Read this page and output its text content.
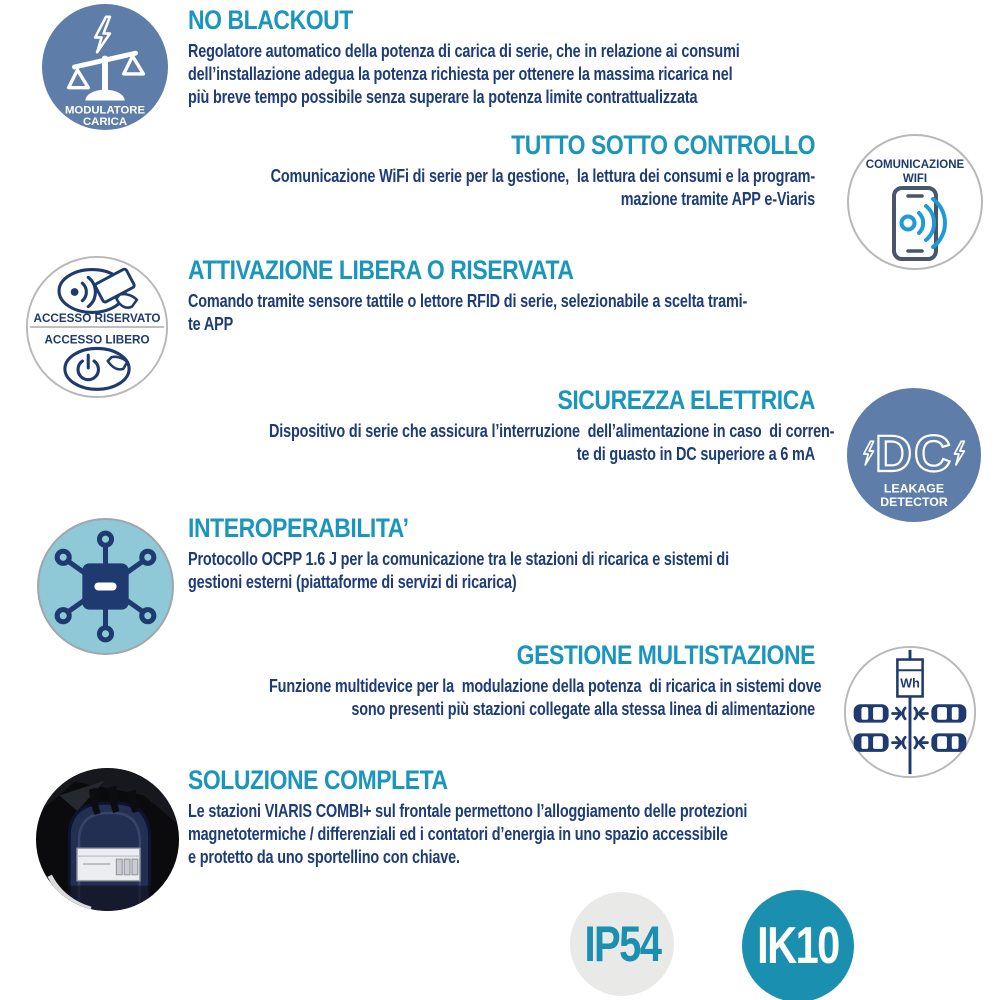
MODULATORE
CARICA
NO BLACKOUT
Regolatore automatico della potenza di carica di serie, che in relazione ai consumi
dell’installazione adegua la potenza richiesta per ottenere la massima ricarica nel
più breve tempo possibile senza superare la potenza limite contrattualizzata
TUTTO SOTTO CONTROLLO
Comunicazione WiFi di serie per la gestione,  la lettura dei consumi e la program-
mazione tramite APP e-Viaris
COMUNICAZIONE
WIFI
ACCESSO RISERVATO
ACCESSO LIBERO
ATTIVAZIONE LIBERA O RISERVATA
Comando tramite sensore tattile o lettore RFID di serie, selezionabile a scelta trami-
te APP
SICUREZZA ELETTRICA
Dispositivo di serie che assicura l’interruzione  dell’alimentazione in caso  di corren-
te di guasto in DC superiore a 6 mA DC
LEAKAGE
DETECTOR
INTEROPERABILITA’
Protocollo OCPP 1.6 J per la comunicazione tra le stazioni di ricarica e sistemi di
gestioni esterni (piattaforme di servizi di ricarica)
GESTIONE MULTISTAZIONE
Funzione multidevice per la  modulazione della potenza  di ricarica in sistemi dove
sono presenti più stazioni collegate alla stessa linea di alimentazione
Wh
SOLUZIONE COMPLETA
Le stazioni VIARIS COMBI+ sul frontale permettono l’alloggiamento delle protezioni
magnetotermiche / differenziali ed i contatori d’energia in uno spazio accessibile
e protetto da uno sportellino con chiave.
IP54 IK10
